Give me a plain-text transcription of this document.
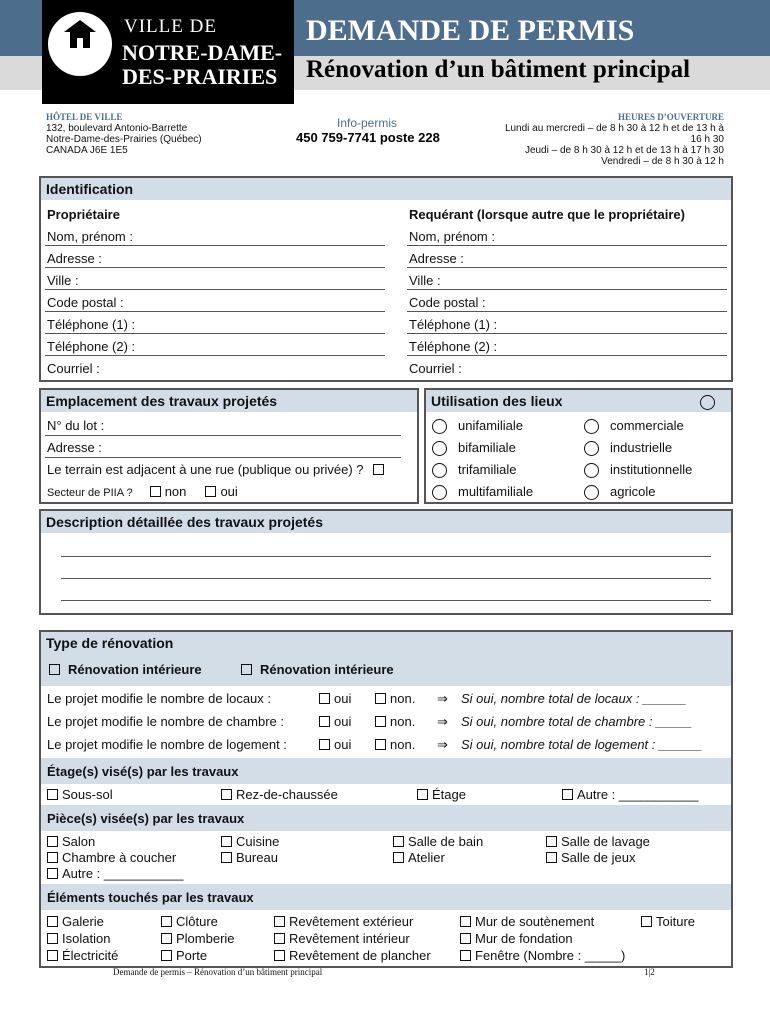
VILLE DE
NOTRE-DAME-
DES-PRAIRIES
DEMANDE DE PERMIS
Rénovation d’un bâtiment principal
HÔTEL DE VILLE
132, boulevard Antonio-Barrette
Notre-Dame-des-Prairies (Québec)
CANADA J6E 1E5
Info-permis
450 759-7741 poste 228
HEURES D’OUVERTURE
Lundi au mercredi – de 8 h 30 à 12 h et de 13 h à
16 h 30
Jeudi – de 8 h 30 à 12 h et de 13 h à 17 h 30
Vendredi – de 8 h 30 à 12 h
Identification
Propriétaire	Requérant (lorsque autre que le propriétaire)
Nom, prénom :
Adresse :
Ville :
Code postal :
Téléphone (1) :
Téléphone (2) :
Courriel :
Nom, prénom :
Adresse :
Ville :
Code postal :
Téléphone (1) :
Téléphone (2) :
Courriel :
Emplacement des travaux projetés
N° du lot :
Adresse :
Le terrain est adjacent à une rue (publique ou privée) ?
Secteur de PIIA ? non	oui
Utilisation des lieux
unifamiliale
bifamiliale
trifamiliale
multifamiliale
commerciale
industrielle
institutionnelle
agricole
Description détaillée des travaux projetés
Type de rénovation
Rénovation intérieure	Rénovation intérieure
Le projet modifie le nombre de locaux :	oui	non. ⇒ Si oui, nombre total de locaux : ______
Le projet modifie le nombre de chambre :	oui	non. ⇒ Si oui, nombre total de chambre : _____
Le projet modifie le nombre de logement :	oui	non. ⇒ Si oui, nombre total de logement : ______
Étage(s) visé(s) par les travaux
Sous-sol	Rez-de-chaussée	Étage	Autre : ___________
Pièce(s) visée(s) par les travaux
Salon	Cuisine	Salle de bain	Salle de lavage
Chambre à coucher	Bureau	Atelier	Salle de jeux
Autre : ___________
Éléments touchés par les travaux
Galerie	Clôture	Revêtement extérieur	Mur de soutènement	Toiture
Isolation	Plomberie	Revêtement intérieur	Mur de fondation
Électricité	Porte	Revêtement de plancher	Fenêtre (Nombre : _____)
Demande de permis – Rénovation d’un bâtiment principal	1|2
